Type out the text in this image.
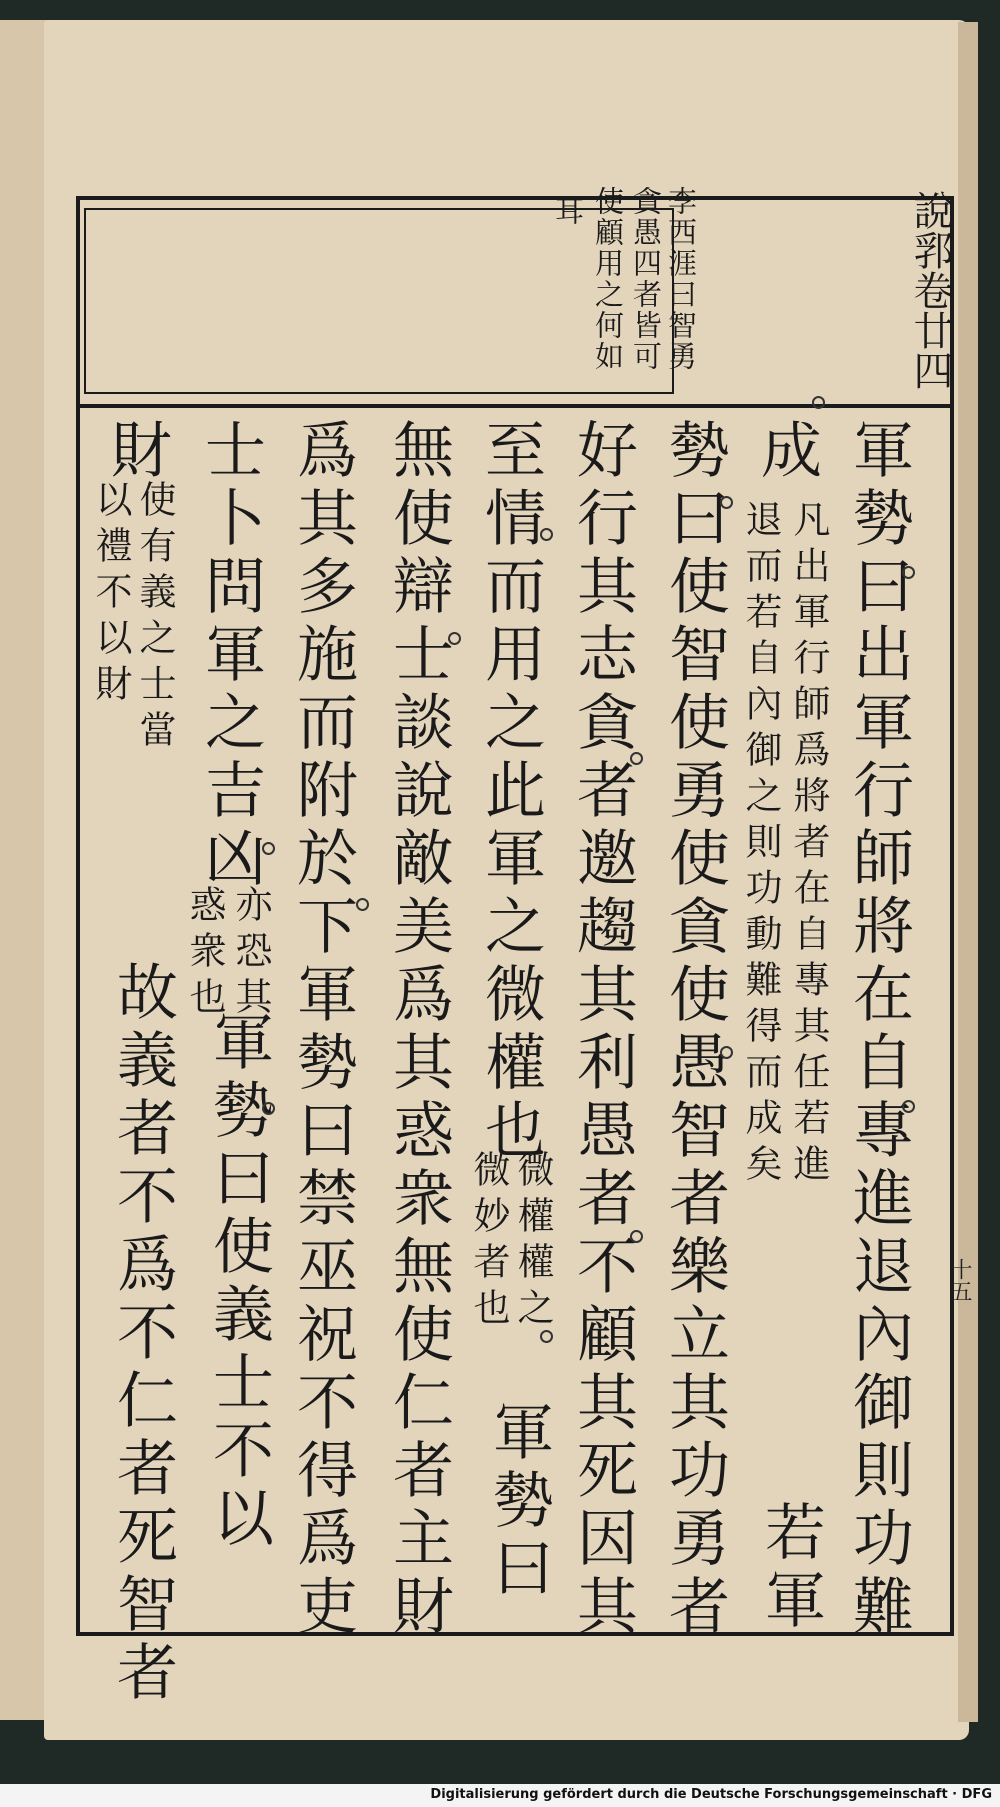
說郛卷廿四
十五
李西涯曰智勇
貪愚四者皆可
使顧用之何如
耳
軍勢曰出軍行師將在自專進退內御則功難
成
凡出軍行師爲將者在自專其任若進
退而若自內御之則功動難得而成矣
若軍
勢曰使智使勇使貪使愚智者樂立其功勇者
好行其志貪者邀趨其利愚者不顧其死因其
至情而用之此軍之微權也
微權權之
微妙者也
軍勢曰
無使辯士談說敵美爲其惑衆無使仁者主財
爲其多施而附於下軍勢曰禁巫祝不得爲吏
士卜問軍之吉凶
亦恐其
惑衆也
軍勢曰使義士不以
財
使有義之士當
以禮不以財
故義者不爲不仁者死智者
Digitalisierung gefördert durch die Deutsche Forschungsgemeinschaft · DFG
